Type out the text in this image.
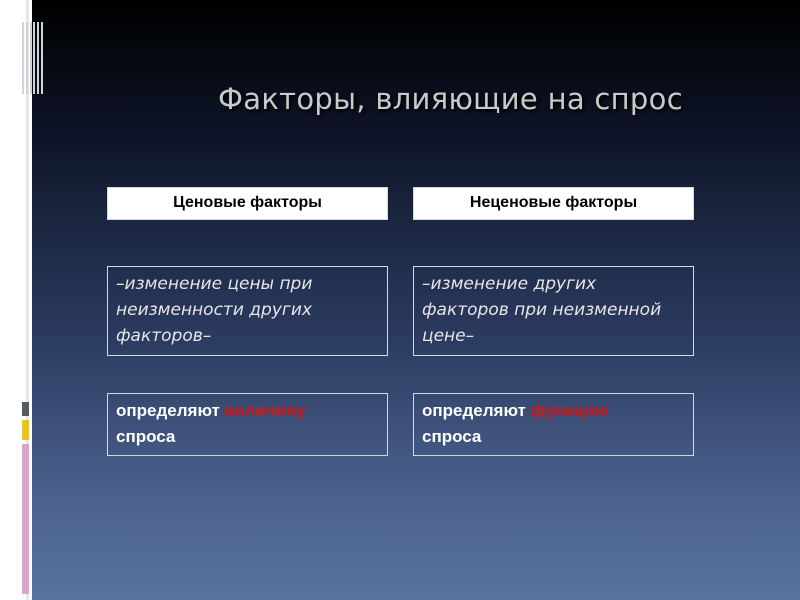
Факторы, влияющие на спрос
Ценовые факторы
–изменение цены при неизменности других факторов–
определяют величину
спроса
Неценовые факторы
–изменение других факторов при неизменной цене–
определяют функцию
спроса
